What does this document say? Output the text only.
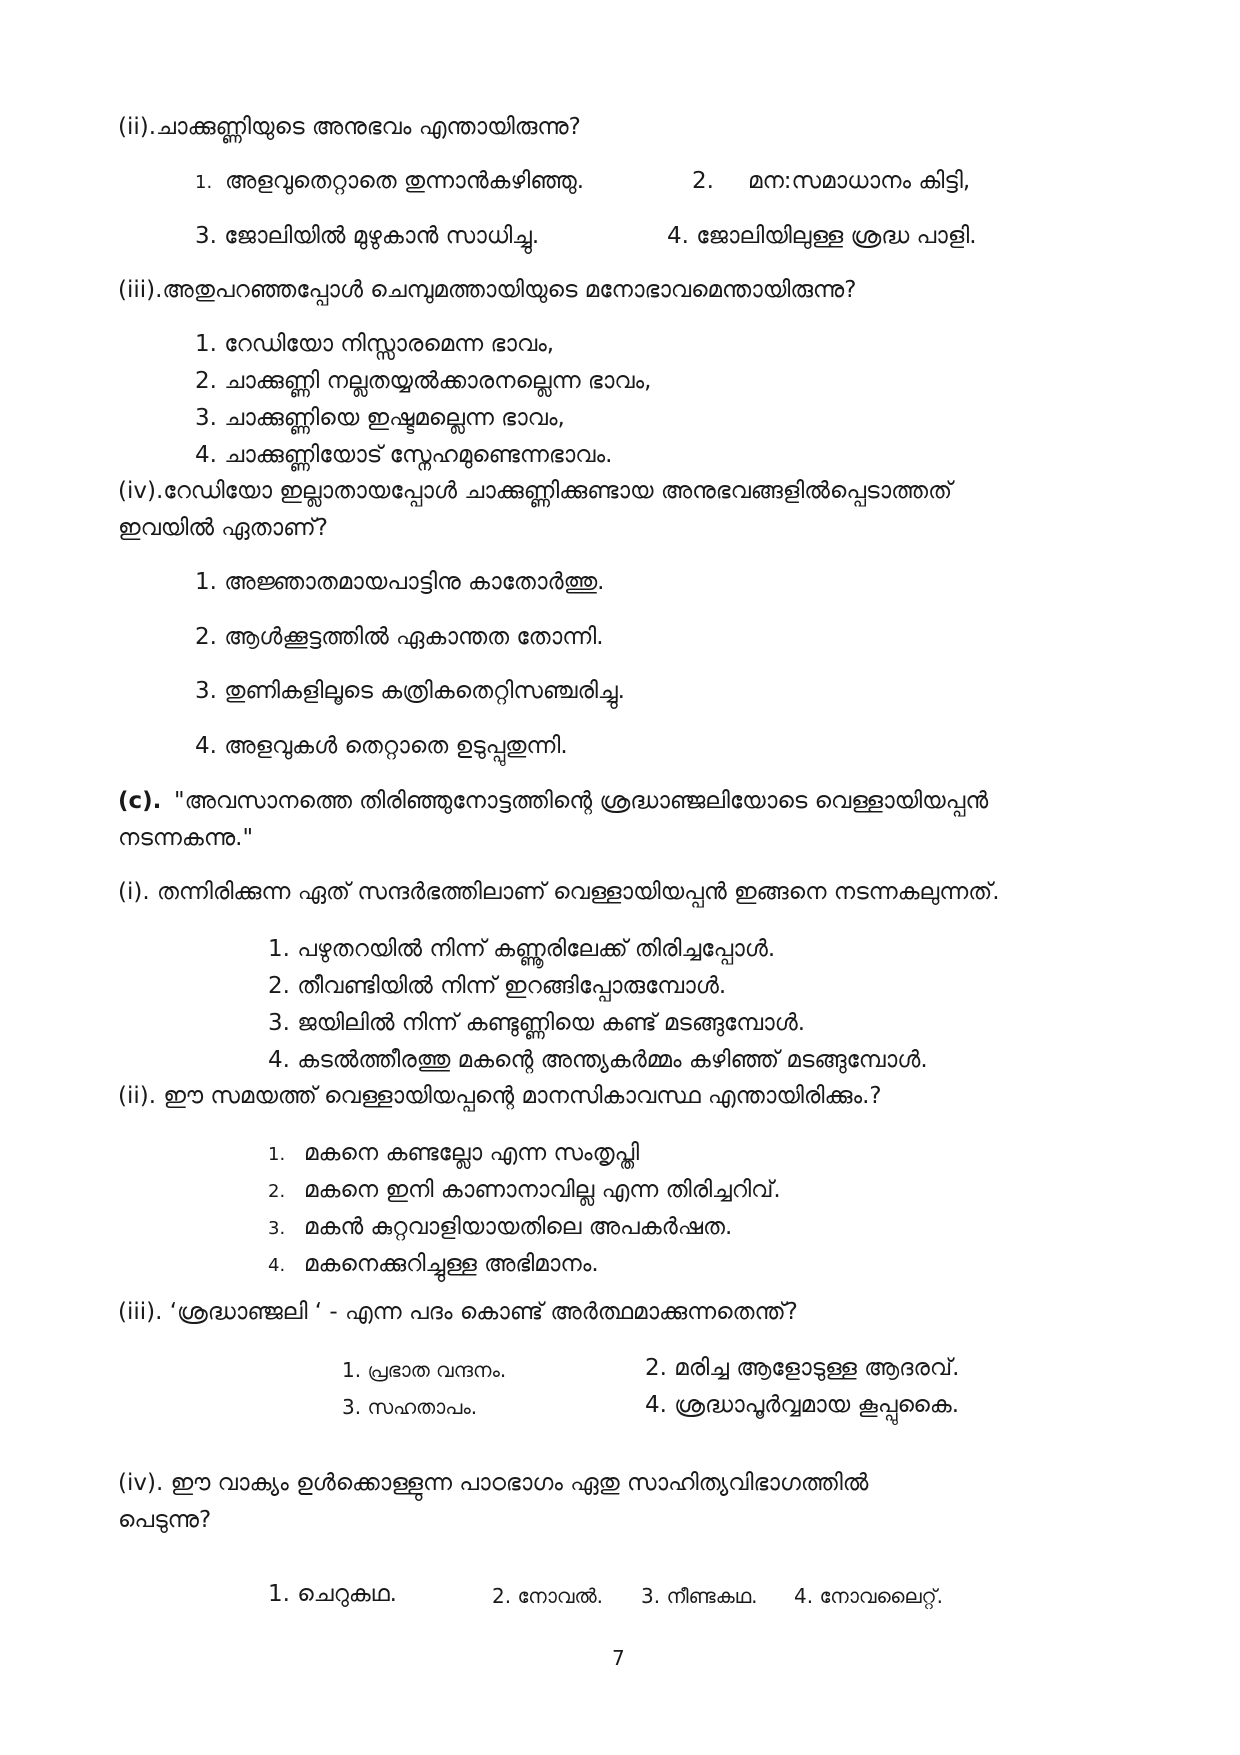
(ii).ചാക്കുണ്ണിയുടെ അനുഭവം എന്തായിരുന്നു?
1. അളവുതെറ്റാതെ തുന്നാൻകഴിഞ്ഞു.	2. മന:സമാധാനം കിട്ടി,
3. ജോലിയിൽ മുഴുകാൻ സാധിച്ചു.	4. ജോലിയിലുള്ള ശ്രദ്ധ പാളി.
(iii).അതുപറഞ്ഞപ്പോൾ ചെമ്പുമത്തായിയുടെ മനോഭാവമെന്തായിരുന്നു?
1. റേഡിയോ നിസ്സാരമെന്ന ഭാവം,
2. ചാക്കുണ്ണി നല്ലതയ്യൽക്കാരനല്ലെന്ന ഭാവം,
3. ചാക്കുണ്ണിയെ ഇഷ്ടമല്ലെന്ന ഭാവം,
4. ചാക്കുണ്ണിയോട് സ്നേഹമുണ്ടെന്നഭാവം.
(iv).റേഡിയോ ഇല്ലാതായപ്പോൾ ചാക്കുണ്ണിക്കുണ്ടായ അനുഭവങ്ങളിൽപ്പെടാത്തത്
ഇവയിൽ ഏതാണ്?
1. അജ്ഞാതമായപാട്ടിനു കാതോർത്തു.
2. ആൾക്കൂട്ടത്തിൽ ഏകാന്തത തോന്നി.
3. തുണികളിലൂടെ കത്രികതെറ്റിസഞ്ചരിച്ചു.
4. അളവുകൾ തെറ്റാതെ ഉടുപ്പുതുന്നി.
(c). "അവസാനത്തെ തിരിഞ്ഞുനോട്ടത്തിന്റെ ശ്രദ്ധാഞ്ജലിയോടെ വെള്ളായിയപ്പൻ
നടന്നകന്നു."
(i). തന്നിരിക്കുന്ന ഏത് സന്ദർഭത്തിലാണ് വെള്ളായിയപ്പൻ ഇങ്ങനെ നടന്നകലുന്നത്.
1. പഴുതറയിൽ നിന്ന് കണ്ണൂരിലേക്ക് തിരിച്ചപ്പോൾ.
2. തീവണ്ടിയിൽ നിന്ന് ഇറങ്ങിപ്പോരുമ്പോൾ.
3. ജയിലിൽ നിന്ന് കണ്ടുണ്ണിയെ കണ്ട് മടങ്ങുമ്പോൾ.
4. കടൽത്തീരത്തു മകന്റെ അന്ത്യകർമ്മം കഴിഞ്ഞ് മടങ്ങുമ്പോൾ.
(ii). ഈ സമയത്ത് വെള്ളായിയപ്പന്റെ മാനസികാവസ്ഥ എന്തായിരിക്കും.?
1. മകനെ കണ്ടല്ലോ എന്ന സംതൃപ്തി
2. മകനെ ഇനി കാണാനാവില്ല എന്ന തിരിച്ചറിവ്.
3. മകൻ കുറ്റവാളിയായതിലെ അപകർഷത.
4. മകനെക്കുറിച്ചുള്ള അഭിമാനം.
(iii). ‘ശ്രദ്ധാഞ്ജലി ‘ - എന്ന പദം കൊണ്ട് അർത്ഥമാക്കുന്നതെന്ത്?
1. പ്രഭാത വന്ദനം.	2. മരിച്ച ആളോടുള്ള ആദരവ്.
3. സഹതാപം.	4. ശ്രദ്ധാപൂർവ്വമായ കൂപ്പുകൈ.
(iv). ഈ വാക്യം ഉൾക്കൊള്ളുന്ന പാഠഭാഗം ഏതു സാഹിത്യവിഭാഗത്തിൽ
പെടുന്നു?
1. ചെറുകഥ.	2. നോവൽ. 3. നീണ്ടകഥ. 4. നോവലൈറ്റ്.
7
